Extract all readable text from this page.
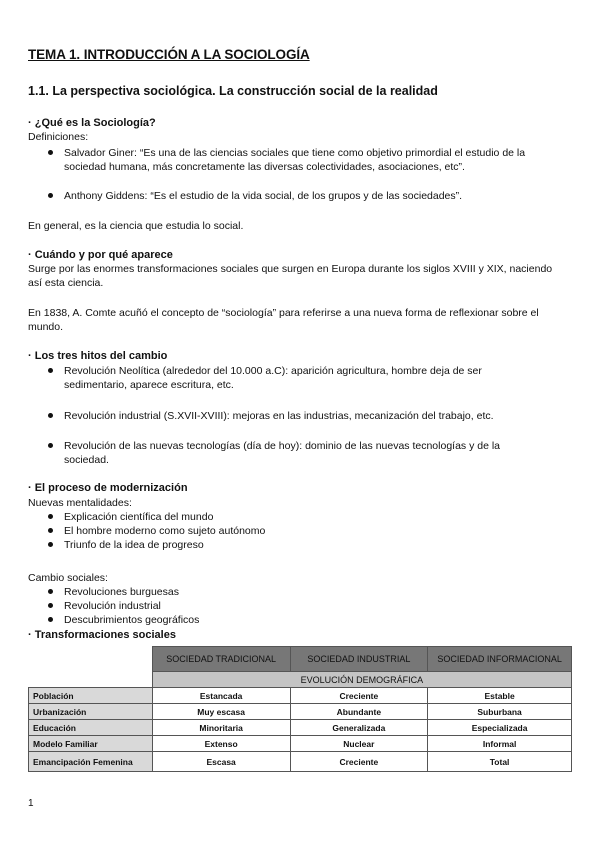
TEMA 1. INTRODUCCIÓN A LA SOCIOLOGÍA
1.1. La perspectiva sociológica. La construcción social de la realidad
· ¿Qué es la Sociología?
Definiciones:
Salvador Giner: “Es una de las ciencias sociales que tiene como objetivo primordial el estudio de la sociedad humana, más concretamente las diversas colectividades, asociaciones, etc”.
Anthony Giddens: “Es el estudio de la vida social, de los grupos y de las sociedades”.
En general, es la ciencia que estudia lo social.
· Cuándo y por qué aparece
Surge por las enormes transformaciones sociales que surgen en Europa durante los siglos XVIII y XIX, naciendo así esta ciencia.
En 1838, A. Comte acuñó el concepto de “sociología” para referirse a una nueva forma de reflexionar sobre el mundo.
· Los tres hitos del cambio
Revolución Neolítica (alrededor del 10.000 a.C): aparición agricultura, hombre deja de ser sedimentario, aparece escritura, etc.
Revolución industrial (S.XVII-XVIII): mejoras en las industrias, mecanización del trabajo, etc.
Revolución de las nuevas tecnologías (día de hoy): dominio de las nuevas tecnologías y de la sociedad.
· El proceso de modernización
Nuevas mentalidades:
Explicación científica del mundo
El hombre moderno como sujeto autónomo
Triunfo de la idea de progreso
Cambio sociales:
Revoluciones burguesas
Revolución industrial
Descubrimientos geográficos
· Transformaciones sociales
	SOCIEDAD TRADICIONAL	SOCIEDAD INDUSTRIAL	SOCIEDAD INFORMACIONAL
	EVOLUCIÓN DEMOGRÁFICA		
Población	Estancada	Creciente	Estable
Urbanización	Muy escasa	Abundante	Suburbana
Educación	Minoritaria	Generalizada	Especializada
Modelo Familiar	Extenso	Nuclear	Informal
Emancipación Femenina	Escasa	Creciente	Total
1
